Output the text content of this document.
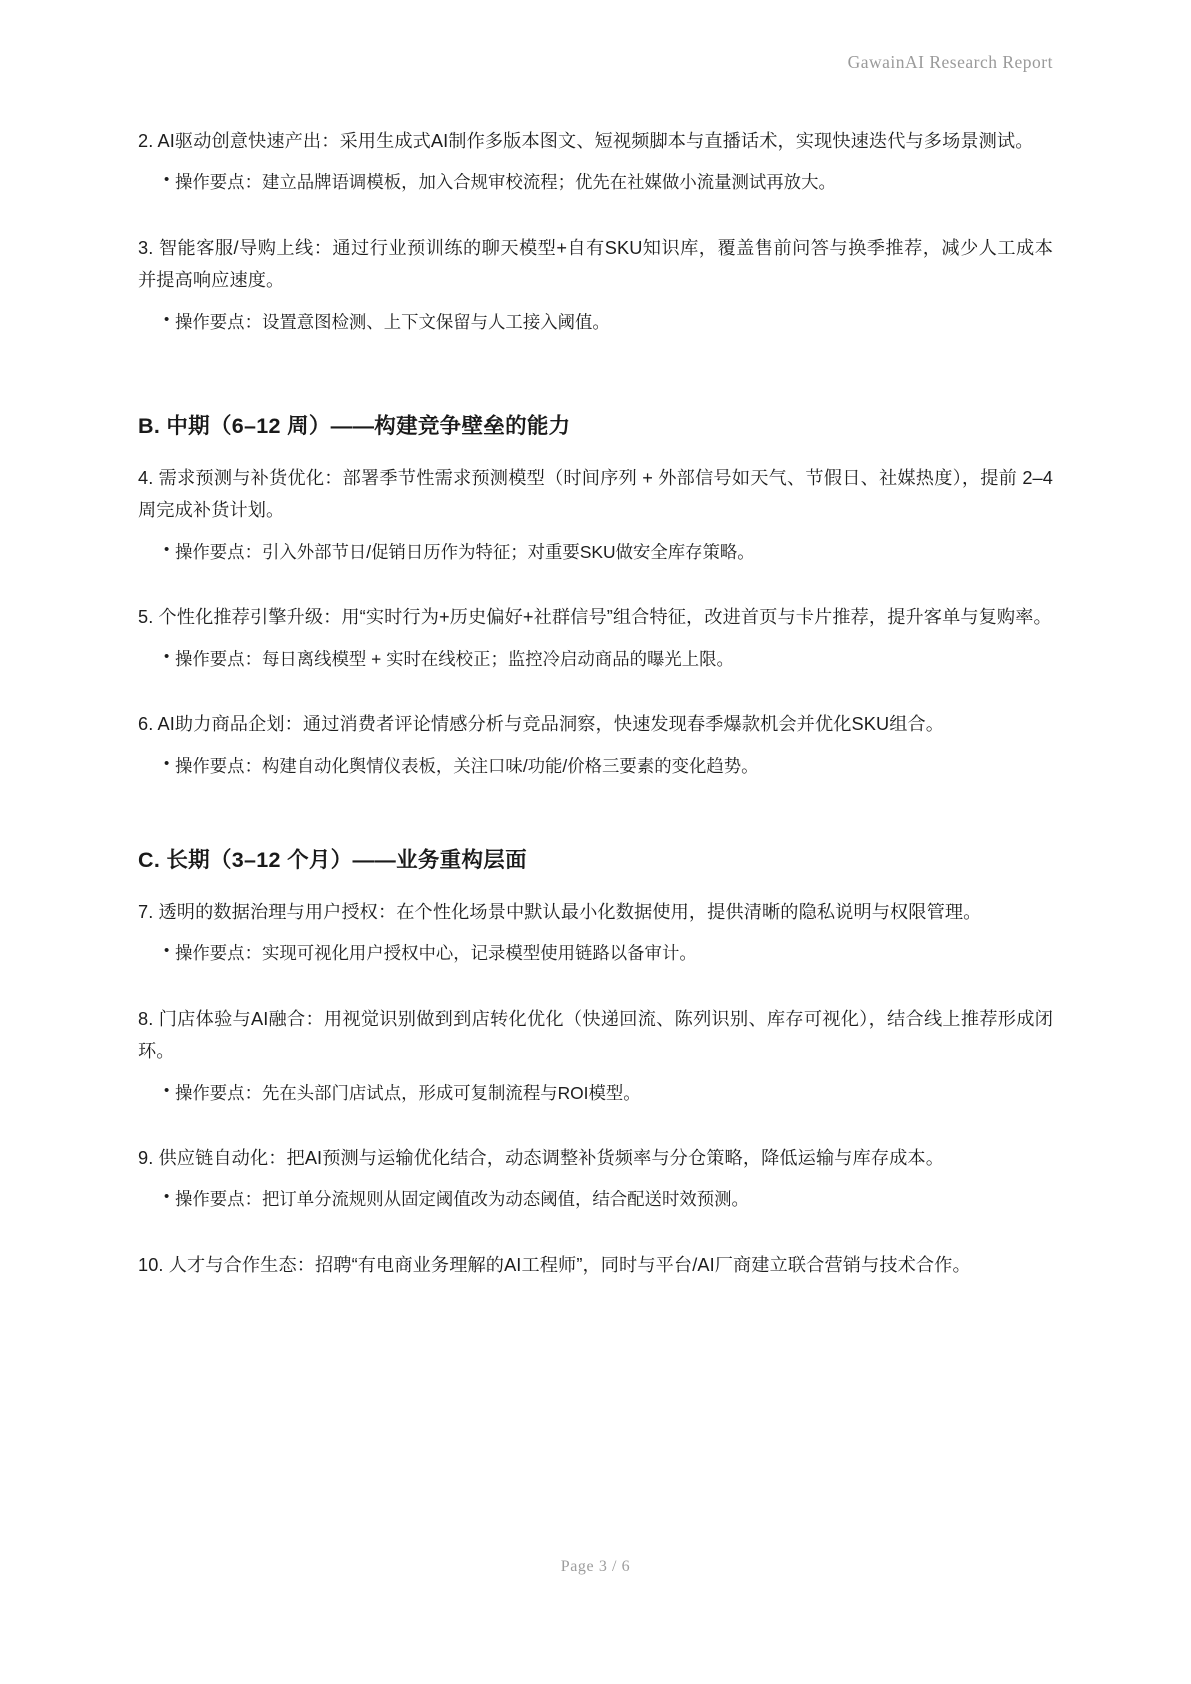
GawainAI Research Report

2. AI驱动创意快速产出：采用生成式AI制作多版本图文、短视频脚本与直播话术，实现快速迭代与多场景测试。

• 操作要点：建立品牌语调模板，加入合规审校流程；优先在社媒做小流量测试再放大。

3. 智能客服/导购上线：通过行业预训练的聊天模型+自有SKU知识库，覆盖售前问答与换季推荐，减少人工成本并提高响应速度。

• 操作要点：设置意图检测、上下文保留与人工接入阈值。
B. 中期（6–12 周）——构建竞争壁垒的能力

4. 需求预测与补货优化：部署季节性需求预测模型（时间序列 + 外部信号如天气、节假日、社媒热度），提前 2–4 周完成补货计划。

• 操作要点：引入外部节日/促销日历作为特征；对重要SKU做安全库存策略。

5. 个性化推荐引擎升级：用“实时行为+历史偏好+社群信号”组合特征，改进首页与卡片推荐，提升客单与复购率。

• 操作要点：每日离线模型 + 实时在线校正；监控冷启动商品的曝光上限。

6. AI助力商品企划：通过消费者评论情感分析与竞品洞察，快速发现春季爆款机会并优化SKU组合。

• 操作要点：构建自动化舆情仪表板，关注口味/功能/价格三要素的变化趋势。
C. 长期（3–12 个月）——业务重构层面

7. 透明的数据治理与用户授权：在个性化场景中默认最小化数据使用，提供清晰的隐私说明与权限管理。

• 操作要点：实现可视化用户授权中心，记录模型使用链路以备审计。

8. 门店体验与AI融合：用视觉识别做到到店转化优化（快递回流、陈列识别、库存可视化），结合线上推荐形成闭环。

• 操作要点：先在头部门店试点，形成可复制流程与ROI模型。

9. 供应链自动化：把AI预测与运输优化结合，动态调整补货频率与分仓策略，降低运输与库存成本。

• 操作要点：把订单分流规则从固定阈值改为动态阈值，结合配送时效预测。

10. 人才与合作生态：招聘“有电商业务理解的AI工程师”，同时与平台/AI厂商建立联合营销与技术合作。

Page 3 / 6
